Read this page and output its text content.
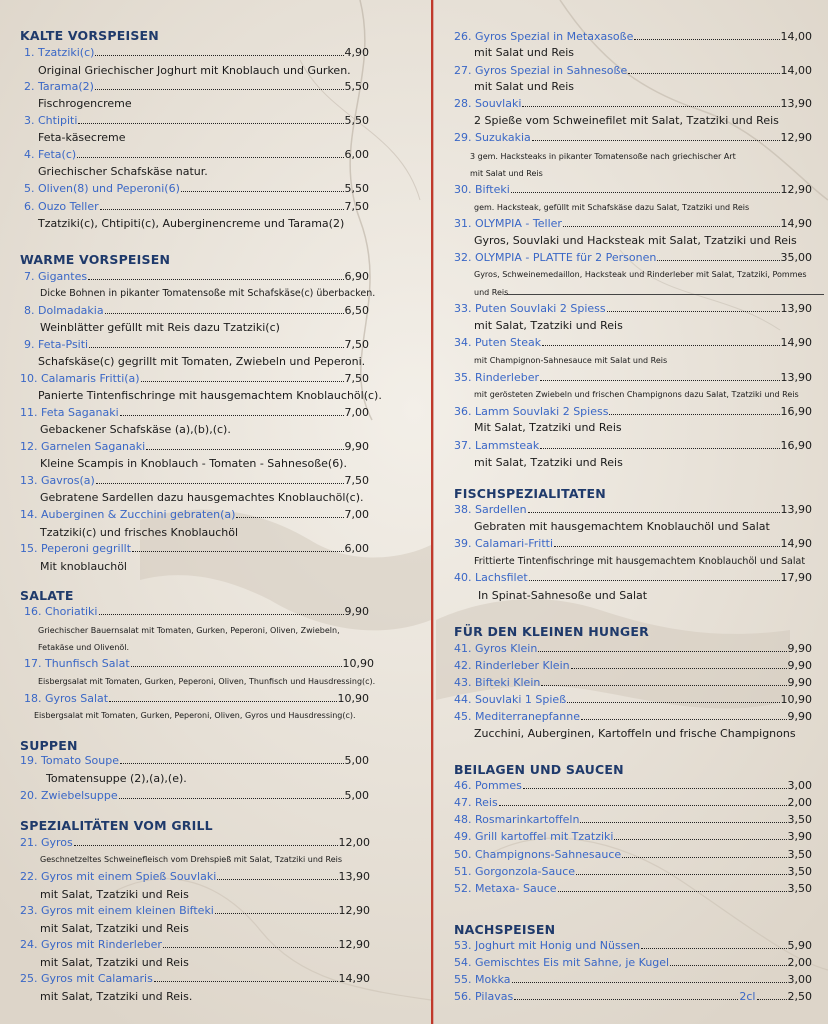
KALTE VORSPEISEN
WARME VORSPEISEN
SALATE
SUPPEN
SPEZIALITÄTEN VOM GRILL
1. Tzatziki(c)	4,90
Original Griechischer Joghurt mit Knoblauch und Gurken.
2. Tarama(2)	5,50
Fischrogencreme
3. Chtipiti	5,50
Feta-käsecreme
4. Feta(c)	6,00
Griechischer Schafskäse natur.
5. Oliven(8) und Peperoni(6)	5,50
6. Ouzo Teller	7,50
Tzatziki(c), Chtipiti(c), Auberginencreme und Tarama(2)
7. Gigantes	6,90
Dicke Bohnen in pikanter Tomatensoße mit Schafskäse(c) überbacken.
8. Dolmadakia	6,50
Weinblätter gefüllt mit Reis dazu Tzatziki(c)
9. Feta-Psiti	7,50
Schafskäse(c) gegrillt mit Tomaten, Zwiebeln und Peperoni.
10. Calamaris Fritti(a)	7,50
Panierte Tintenfischringe mit hausgemachtem Knoblauchöl(c).
11. Feta Saganaki	7,00
Gebackener Schafskäse (a),(b),(c).
12. Garnelen Saganaki	9,90
Kleine Scampis in Knoblauch - Tomaten - Sahnesoße(6).
13. Gavros(a)	7,50
Gebratene Sardellen dazu hausgemachtes Knoblauchöl(c).
14. Auberginen & Zucchini gebraten(a)	7,00
Tzatziki(c) und frisches Knoblauchöl
15. Peperoni gegrillt	6,00
Mit knoblauchöl
16. Choriatiki	9,90
Griechischer Bauernsalat mit Tomaten, Gurken, Peperoni, Oliven, Zwiebeln,
Fetakäse und Olivenöl.
17. Thunfisch Salat	10,90
Eisbergsalat mit Tomaten, Gurken, Peperoni, Oliven, Thunfisch und Hausdressing(c).
18. Gyros Salat	10,90
Eisbergsalat mit Tomaten, Gurken, Peperoni, Oliven, Gyros und Hausdressing(c).
19. Tomato Soupe	5,00
Tomatensuppe (2),(a),(e).
20. Zwiebelsuppe	5,00
21. Gyros	12,00
Geschnetzeltes Schweinefleisch vom Drehspieß mit Salat, Tzatziki und Reis
22. Gyros mit einem Spieß Souvlaki	13,90
mit Salat, Tzatziki und Reis
23. Gyros mit einem kleinen Bifteki	12,90
mit Salat, Tzatziki und Reis
24. Gyros mit Rinderleber	12,90
mit Salat, Tzatziki und Reis
25. Gyros mit Calamaris	14,90
mit Salat, Tzatziki und Reis.
FISCHSPEZIALITATEN
FÜR DEN KLEINEN HUNGER
BEILAGEN UND SAUCEN
NACHSPEISEN
26. Gyros Spezial in Metaxasoße	14,00
mit Salat und Reis
27. Gyros Spezial in Sahnesoße	14,00
mit Salat und Reis
28. Souvlaki	13,90
2 Spieße vom Schweinefilet mit Salat, Tzatziki und Reis
29. Suzukakia	12,90
3 gem. Hacksteaks in pikanter Tomatensoße nach griechischer Art
mit Salat und Reis
30. Bifteki	12,90
gem. Hacksteak, gefüllt mit Schafskäse dazu Salat, Tzatziki und Reis
31. OLYMPIA - Teller	14,90
Gyros, Souvlaki und Hacksteak mit Salat, Tzatziki und Reis
32. OLYMPIA - PLATTE für 2 Personen	35,00
Gyros, Schweinemedaillon, Hacksteak und Rinderleber mit Salat, Tzatziki, Pommes
und Reis
33. Puten Souvlaki 2 Spiess	13,90
mit Salat, Tzatziki und Reis
34. Puten Steak	14,90
mit Champignon-Sahnesauce mit Salat und Reis
35. Rinderleber	13,90
mit gerösteten Zwiebeln und frischen Champignons dazu Salat, Tzatziki und Reis
36. Lamm Souvlaki 2 Spiess	16,90
Mit Salat, Tzatziki und Reis
37. Lammsteak	16,90
mit Salat, Tzatziki und Reis
38. Sardellen	13,90
Gebraten mit hausgemachtem Knoblauchöl und Salat
39. Calamari-Fritti	14,90
Frittierte Tintenfischringe mit hausgemachtem Knoblauchöl und Salat
40. Lachsfilet	17,90
In Spinat-Sahnesoße und Salat
41. Gyros Klein	9,90
42. Rinderleber Klein	9,90
43. Bifteki Klein	9,90
44. Souvlaki 1 Spieß	10,90
45. Mediterranepfanne	9,90
Zucchini, Auberginen, Kartoffeln und frische Champignons
46. Pommes	3,00
47. Reis	2,00
48. Rosmarinkartoffeln	3,50
49. Grill kartoffel mit Tzatziki	3,90
50. Champignons-Sahnesauce	3,50
51. Gorgonzola-Sauce	3,50
52. Metaxa- Sauce	3,50
53. Joghurt mit Honig und Nüssen	5,90
54. Gemischtes Eis mit Sahne, je Kugel	2,00
55. Mokka	3,00
56. Pilavas	2cl	2,50
